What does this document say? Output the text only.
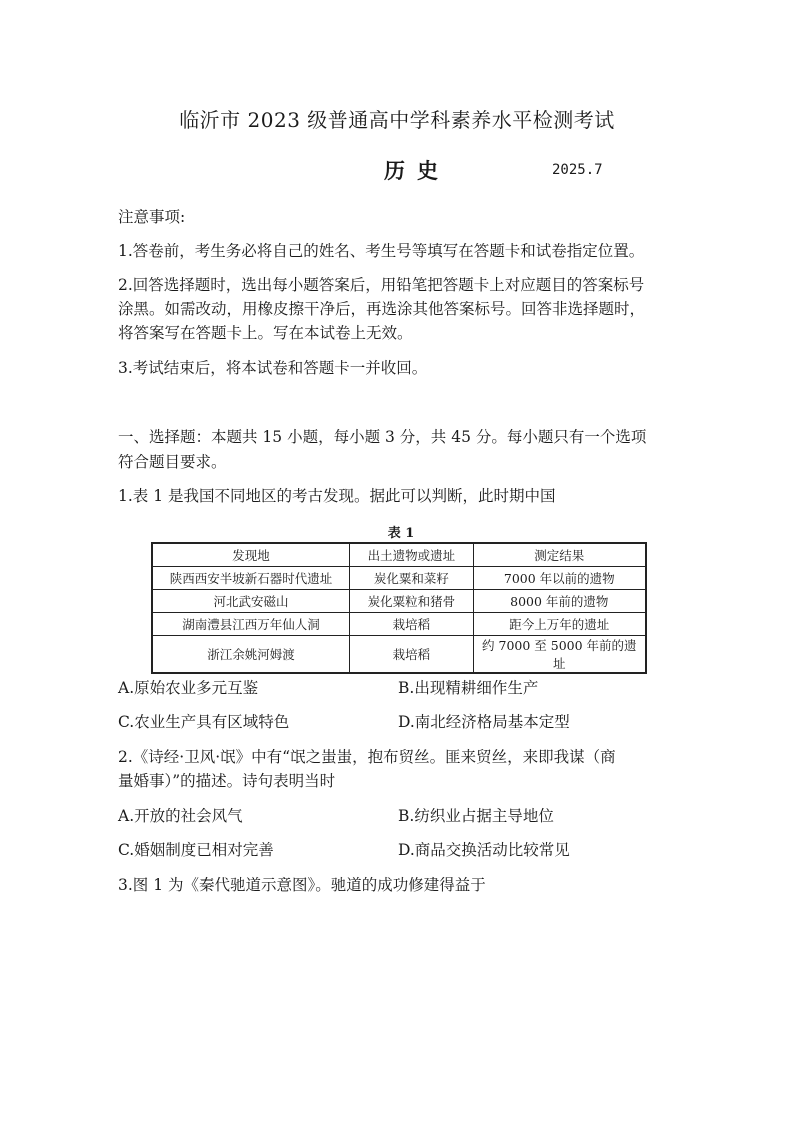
临沂市 2023 级普通高中学科素养水平检测考试
历史	2025.7
注意事项:
1.答卷前，考生务必将自己的姓名、考生号等填写在答题卡和试卷指定位置。
2.回答选择题时，选出每小题答案后，用铅笔把答题卡上对应题目的答案标号
涂黑。如需改动，用橡皮擦干净后，再选涂其他答案标号。回答非选择题时，
将答案写在答题卡上。写在本试卷上无效。
3.考试结束后，将本试卷和答题卡一并收回。
一、选择题：本题共 15 小题，每小题 3 分，共 45 分。每小题只有一个选项
符合题目要求。
1.表 1 是我国不同地区的考古发现。据此可以判断，此时期中国
表 1
发现地	出土遗物或遗址	测定结果
陕西西安半坡新石器时代遗址	炭化粟和菜籽	7000 年以前的遗物
河北武安磁山	炭化粟粒和猪骨	8000 年前的遗物
湖南澧县江西万年仙人洞	栽培稻	距今上万年的遗址
浙江余姚河姆渡	栽培稻	约 7000 至 5000 年前的遗址
A.原始农业多元互鉴	B.出现精耕细作生产
C.农业生产具有区域特色	D.南北经济格局基本定型
2.《诗经·卫风·氓》中有“氓之蚩蚩，抱布贸丝。匪来贸丝，来即我谋（商
量婚事）”的描述。诗句表明当时
A.开放的社会风气	B.纺织业占据主导地位
C.婚姻制度已相对完善	D.商品交换活动比较常见
3.图 1 为《秦代驰道示意图》。驰道的成功修建得益于
